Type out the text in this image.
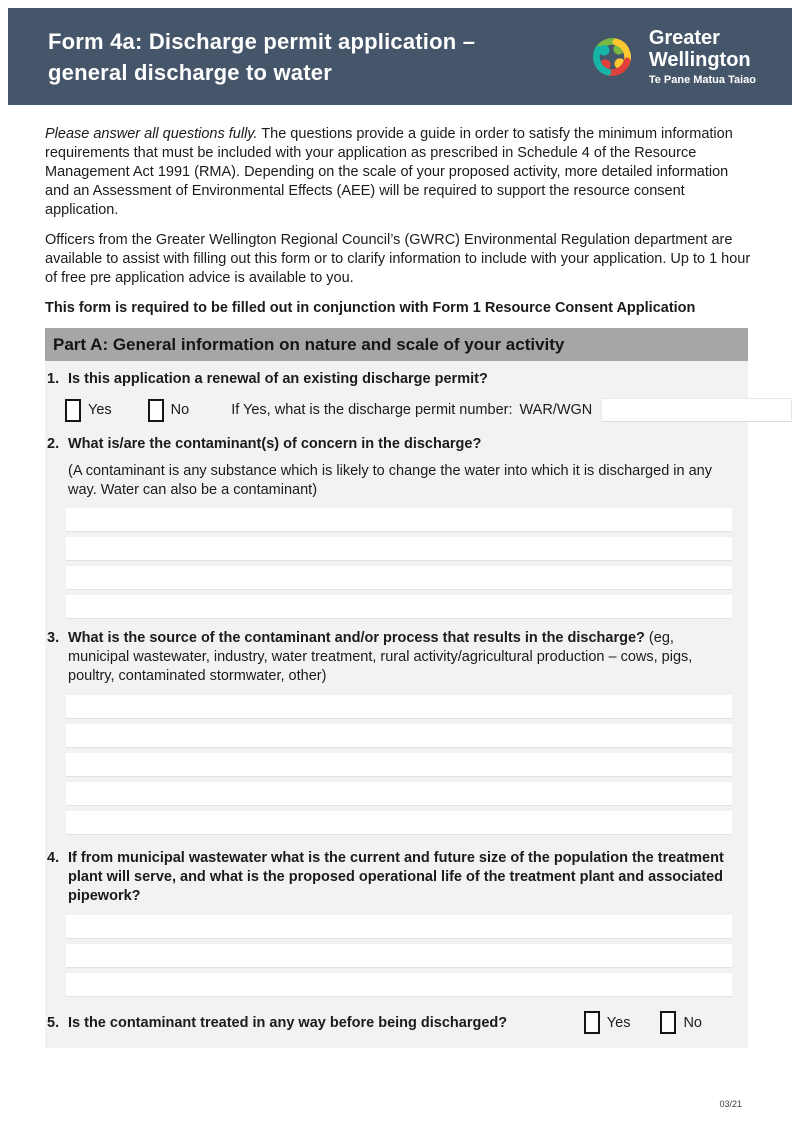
Form 4a: Discharge permit application –
general discharge to water
Greater
Wellington
Te Pane Matua Taiao

Please answer all questions fully. The questions provide a guide in order to satisfy the minimum information requirements that must be included with your application as prescribed in Schedule 4 of the Resource Management Act 1991 (RMA). Depending on the scale of your proposed activity, more detailed information and an Assessment of Environmental Effects (AEE) will be required to support the resource consent application.

Officers from the Greater Wellington Regional Council’s (GWRC) Environmental Regulation department are available to assist with filling out this form or to clarify information to include with your application. Up to 1 hour of free pre application advice is available to you.

This form is required to be filled out in conjunction with Form 1 Resource Consent Application

Part A: General information on nature and scale of your activity
1. Is this application a renewal of an existing discharge permit?
Yes	No	If Yes, what is the discharge permit number: WAR/WGN
2. What is/are the contaminant(s) of concern in the discharge?
(A contaminant is any substance which is likely to change the water into which it is discharged in any way. Water can also be a contaminant)
3. What is the source of the contaminant and/or process that results in the discharge? (eg, municipal wastewater, industry, water treatment, rural activity/agricultural production – cows, pigs, poultry, contaminated stormwater, other)
4. If from municipal wastewater what is the current and future size of the population the treatment plant will serve, and what is the proposed operational life of the treatment plant and associated pipework?
5. Is the contaminant treated in any way before being discharged?	Yes	No
03/21
